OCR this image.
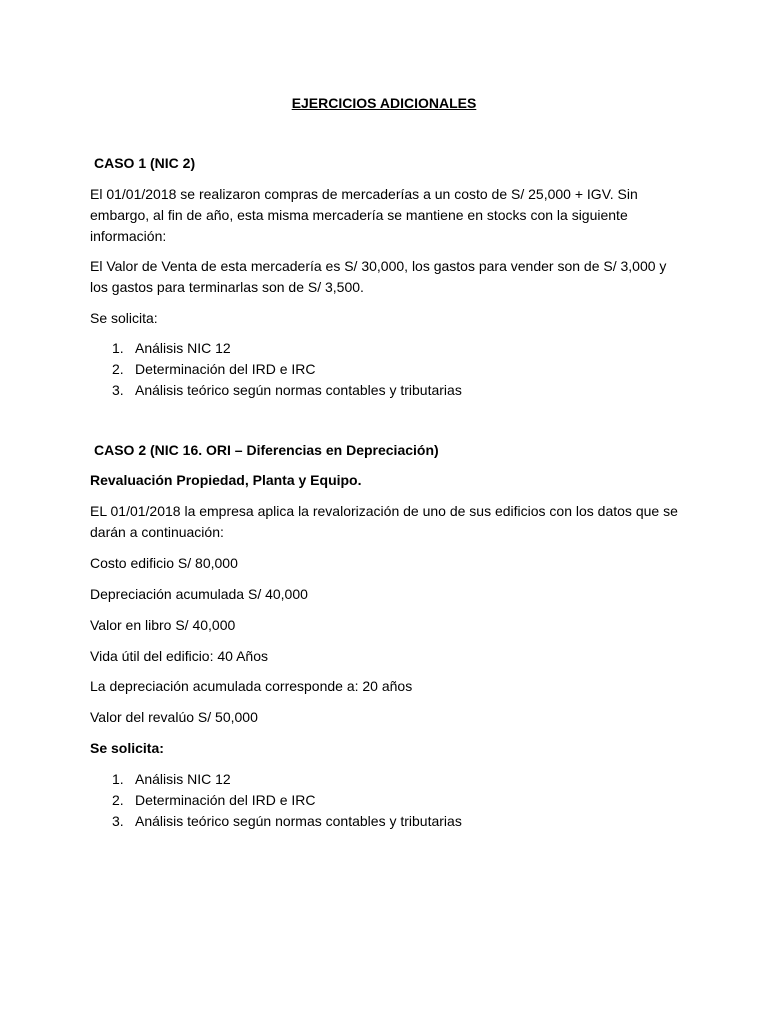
EJERCICIOS ADICIONALES

CASO 1 (NIC 2)

El 01/01/2018 se realizaron compras de mercaderías a un costo de S/ 25,000 + IGV. Sin embargo, al fin de año, esta misma mercadería se mantiene en stocks con la siguiente información:

El Valor de Venta de esta mercadería es S/ 30,000, los gastos para vender son de S/ 3,000 y los gastos para terminarlas son de S/ 3,500.

Se solicita:

1. Análisis NIC 12
2. Determinación del IRD e IRC
3. Análisis teórico según normas contables y tributarias

CASO 2 (NIC 16. ORI – Diferencias en Depreciación)

Revaluación Propiedad, Planta y Equipo.

EL 01/01/2018 la empresa aplica la revalorización de uno de sus edificios con los datos que se darán a continuación:

Costo edificio S/ 80,000

Depreciación acumulada S/ 40,000

Valor en libro S/ 40,000

Vida útil del edificio: 40 Años

La depreciación acumulada corresponde a: 20 años

Valor del revalúo S/ 50,000

Se solicita:

1. Análisis NIC 12
2. Determinación del IRD e IRC
3. Análisis teórico según normas contables y tributarias
